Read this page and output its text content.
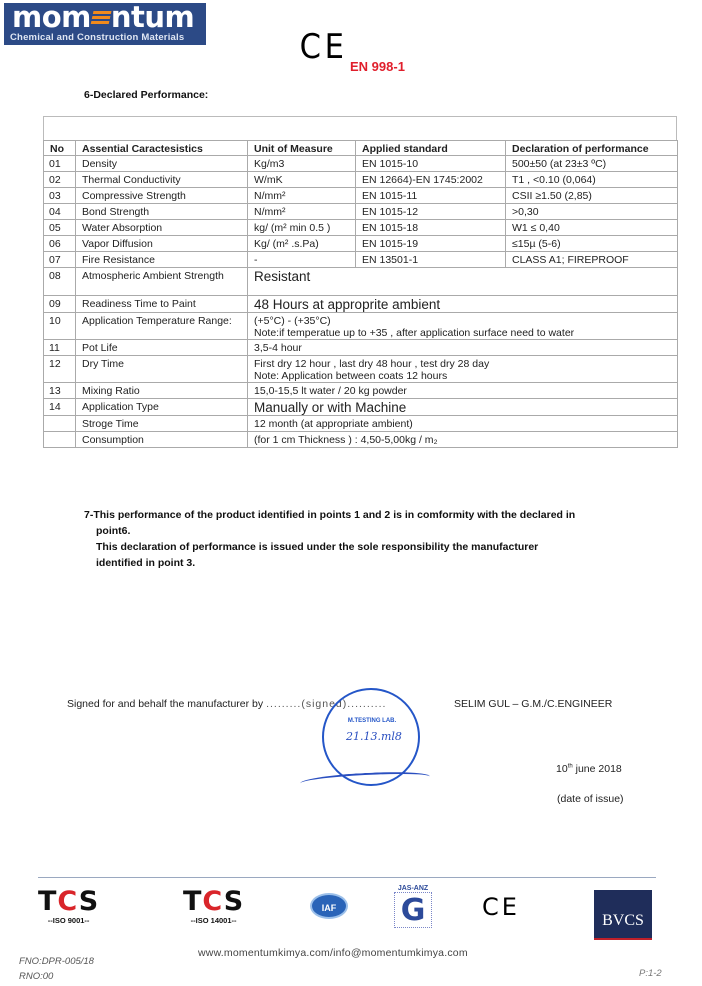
mom ntum
Chemical and Construction Materials	CE EN 998-1
6-Declared Performance:
No	Assential Caractesistics	Unit of Measure	Applied standard	Declaration of performance
01	Density	Kg/m3	EN 1015-10	500±50 (at 23±3 ºC)
02	Thermal Conductivity	W/mK	EN 12664)-EN 1745:2002	T1 , <0.10 (0,064)
03	Compressive Strength	N/mm²	EN 1015-11	CSII ≥1.50 (2,85)
04	Bond Strength	N/mm²	EN 1015-12	>0,30
05	Water Absorption	kg/ (m² min 0.5 )	EN 1015-18	W1 ≤ 0,40
06	Vapor Diffusion	Kg/ (m² .s.Pa)	EN 1015-19	≤15µ (5-6)
07	Fire Resistance	-	EN 13501-1	CLASS A1; FIREPROOF
08	Atmospheric Ambient Strength	Resistant		
09	Readiness Time to Paint	48 Hours at approprite ambient		
10	Application Temperature Range:	(+5°C) - (+35°C)
Note:if temperatue up to +35 , after application surface need to water		

11	Pot Life	3,5-4 hour		
12	Dry Time	First dry 12 hour , last dry 48 hour , test dry 28 day
Note: Application between coats 12 hours		

13	Mixing Ratio	15,0-15,5 lt water / 20 kg powder		
14	Application Type	Manually or with Machine		
	Stroge Time	12 month (at appropriate ambient)		
	Consumption	(for 1 cm Thickness ) : 4,50-5,00kg / m₂		
7-This performance of the product identified in points 1 and 2 is in comformity with the declared in
point6.
This declaration of performance is issued under the sole responsibility the manufacturer
identified in point 3.
Signed for and behalf the manufacturer by .........(signed)..........	SELIM GUL – G.M./C.ENGINEER
M.TESTING LAB.
21.13.ml8
10th june 2018
(date of issue)
TCS
--ISO 9001--
TCS
--ISO 14001--
IAF
JAS-ANZ
G CE	BVCS
www.momentumkimya.com/info@momentumkimya.com
FNO:DPR-005/18
RNO:00	P:1-2
